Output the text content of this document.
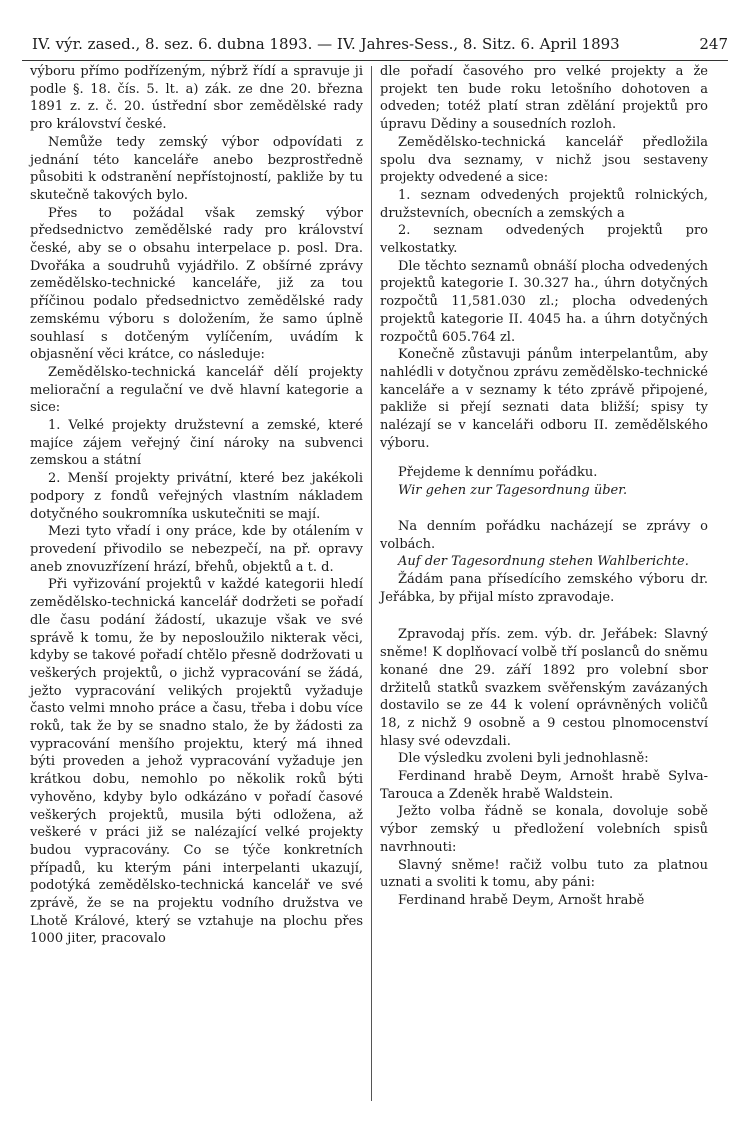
IV. výr. zased., 8. sez. 6. dubna 1893. — IV. Jahres-Sess., 8. Sitz. 6. April 1893	247

výboru přímo podřízeným, nýbrž řídí a spravuje ji podle §. 18. čís. 5. lt. a) zák. ze dne 20. března 1891 z. z. č. 20. ústřední sbor zemědělské rady pro království české.

Nemůže tedy zemský výbor odpovídati z jednání této kanceláře anebo bezprostředně působiti k odstranění nepřístojností, pakliže by tu skutečně takových bylo.

Přes to požádal však zemský výbor předsednictvo zemědělské rady pro království české, aby se o obsahu interpelace p. posl. Dra. Dvořáka a soudruhů vyjádřilo. Z obšírné zprávy zemědělsko-technické kanceláře, již za tou příčinou podalo předsednictvo zemědělské rady zemskému výboru s doložením, že samo úplně souhlasí s dotčeným vylíčením, uvádím k objasnění věci krátce, co následuje:

Zemědělsko-technická kancelář dělí projekty meliorační a regulační ve dvě hlavní kategorie a sice:

1. Velké projekty družstevní a zemské, které majíce zájem veřejný činí nároky na subvenci zemskou a státní

2. Menší projekty privátní, které bez jakékoli podpory z fondů veřejných vlastním nákladem dotyčného soukromníka uskutečniti se mají.

Mezi tyto vřadí i ony práce, kde by otálením v provedení přivodilo se nebezpečí, na př. opravy aneb znovuzřízení hrází, břehů, objektů a t. d.

Při vyřizování projektů v každé kategorii hledí zemědělsko-technická kancelář dodržeti se pořadí dle času podání žádostí, ukazuje však ve své správě k tomu, že by neposloužilo nikterak věci, kdyby se takové pořadí chtělo přesně dodržovati u veškerých projektů, o jichž vypracování se žádá, ježto vypracování velikých projektů vyžaduje často velmi mnoho práce a času, třeba i dobu více roků, tak že by se snadno stalo, že by žádosti za vypracování menšího projektu, který má ihned býti proveden a jehož vypracování vyžaduje jen krátkou dobu, nemohlo po několik roků býti vyhověno, kdyby bylo odkázáno v pořadí časové veškerých projektů, musila býti odložena, až veškeré v práci již se nalézající velké projekty budou vypracovány. Co se týče konkretních případů, ku kterým páni interpelanti ukazují, podotýká zemědělsko-technická kancelář ve své zprávě, že se na projektu vodního družstva ve Lhotě Králové, který se vztahuje na plochu přes 1000 jiter, pracovalo

dle pořadí časového pro velké projekty a že projekt ten bude roku letošního dohotoven a odveden; totéž platí stran zdělání projektů pro úpravu Dědiny a sousedních rozloh.

Zemědělsko-technická kancelář předložila spolu dva seznamy, v nichž jsou sestaveny projekty odvedené a sice:

1. seznam odvedených projektů rolnických, družstevních, obecních a zemských a

2. seznam odvedených projektů pro velkostatky.

Dle těchto seznamů obnáší plocha odvedených projektů kategorie I. 30.327 ha., úhrn dotyčných rozpočtů 11,581.030 zl.; plocha odvedených projektů kategorie II. 4045 ha. a úhrn dotyčných rozpočtů 605.764 zl.

Konečně zůstavuji pánům interpelantům, aby nahlédli v dotyčnou zprávu zemědělsko-technické kanceláře a v seznamy k této zprávě připojené, pakliže si přejí seznati data bližší; spisy ty nalézají se v kanceláři odboru II. zemědělského výboru.

Přejdeme k dennímu pořádku.

Wir gehen zur Tagesordnung über.

Na denním pořádku nacházejí se zprávy o volbách.

Auf der Tagesordnung stehen Wahlberichte.

Žádám pana přísedícího zemského výboru dr. Jeřábka, by přijal místo zpravodaje.

Zpravodaj přís. zem. výb. dr. Jeřábek: Slavný sněme! K doplňovací volbě tří poslanců do sněmu konané dne 29. září 1892 pro volební sbor držitelů statků svazkem svěřenským zavázaných dostavilo se ze 44 k volení oprávněných voličů 18, z nichž 9 osobně a 9 cestou plnomocenství hlasy své odevzdali.

Dle výsledku zvoleni byli jednohlasně:

Ferdinand hrabě Deym, Arnošt hrabě Sylva-Tarouca a Zdeněk hrabě Waldstein.

Ježto volba řádně se konala, dovoluje sobě výbor zemský u předložení volebních spisů navrhnouti:

Slavný sněme! račiž volbu tuto za platnou uznati a svoliti k tomu, aby páni:

Ferdinand hrabě Deym, Arnošt hrabě
